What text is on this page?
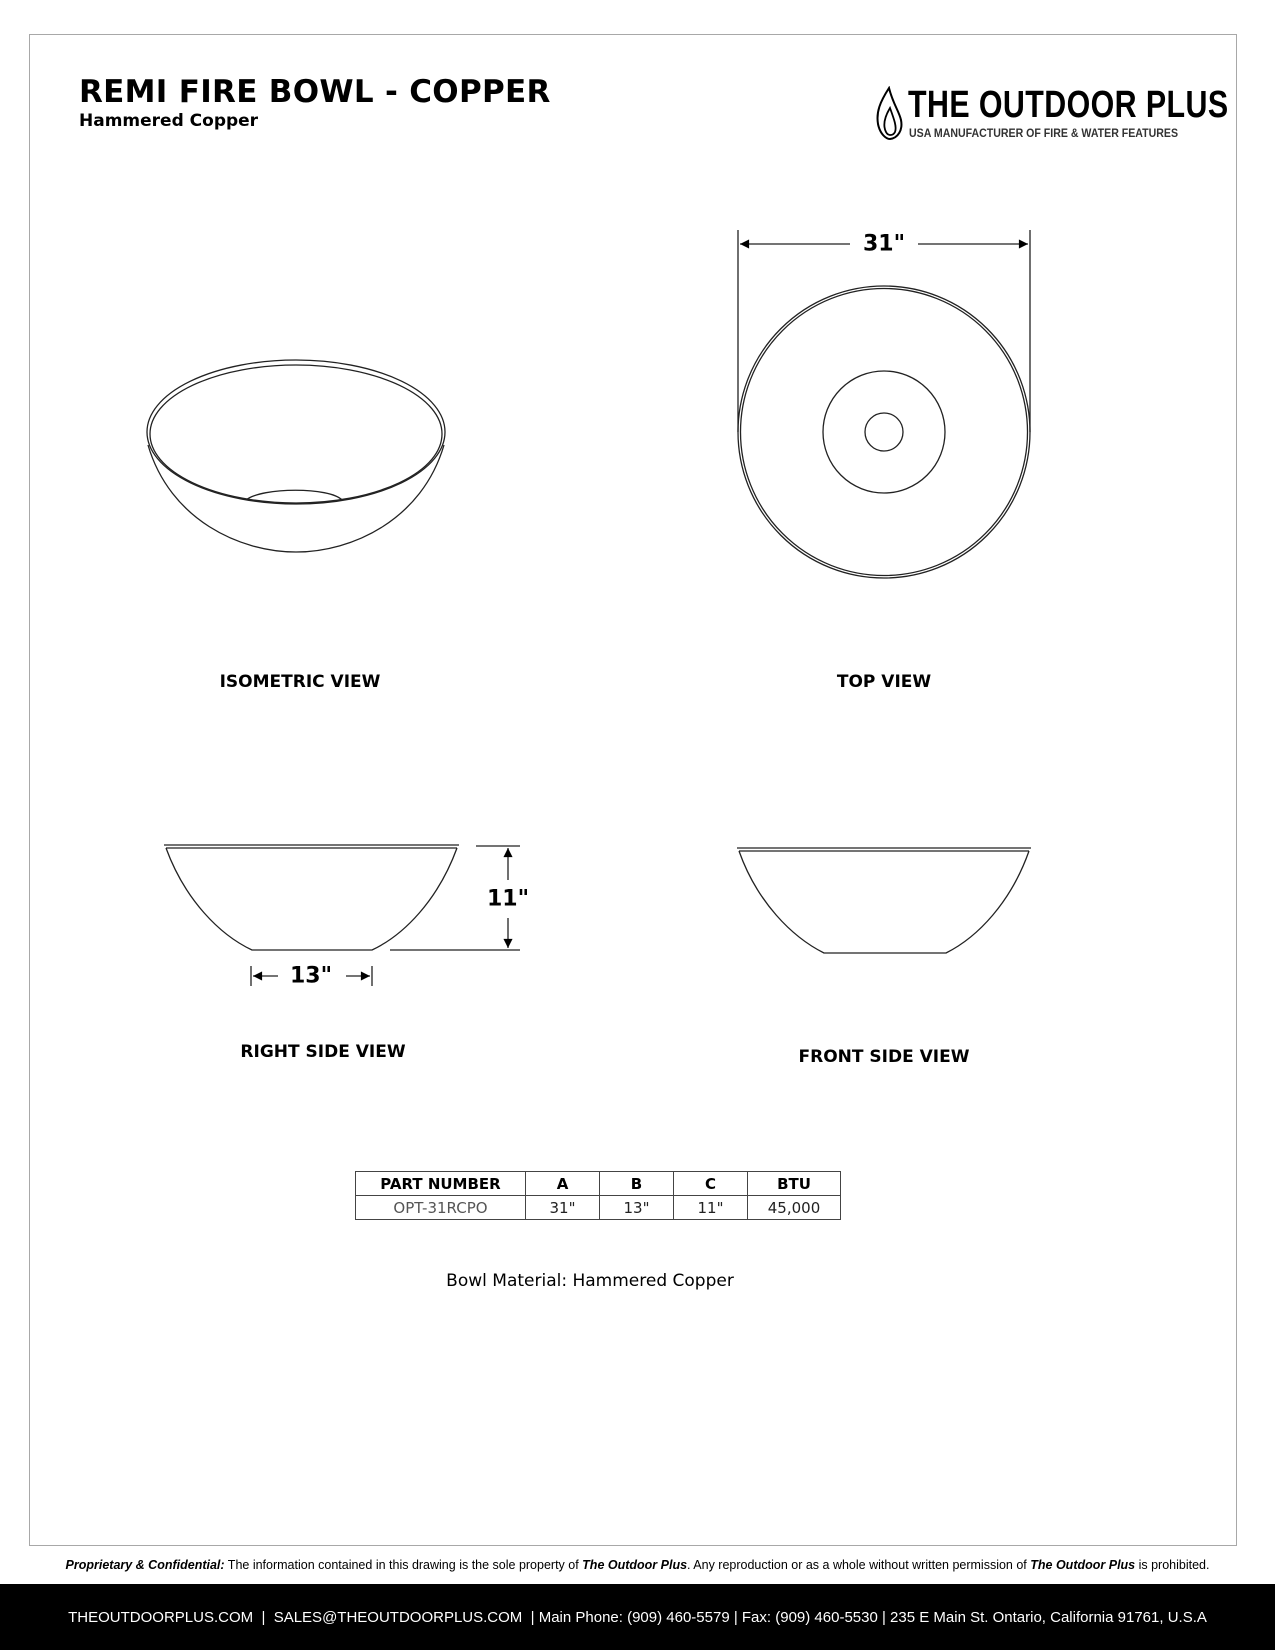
REMI FIRE BOWL - COPPER
Hammered Copper	THE OUTDOOR PLUS
USA MANUFACTURER OF FIRE & WATER FEATURES
31"
11"
13"
ISOMETRIC VIEW	TOP VIEW
RIGHT SIDE VIEW	FRONT SIDE VIEW
PART NUMBER	A	B	C	BTU
OPT-31RCPO	31"	13"	11"	45,000
Bowl Material: Hammered Copper
Proprietary & Confidential: The information contained in this drawing is the sole property of The Outdoor Plus. Any reproduction or as a whole without written permission of The Outdoor Plus is prohibited.
THEOUTDOORPLUS.COM  |  SALES@THEOUTDOORPLUS.COM  | Main Phone: (909) 460-5579 | Fax: (909) 460-5530 | 235 E Main St. Ontario, California 91761, U.S.A
